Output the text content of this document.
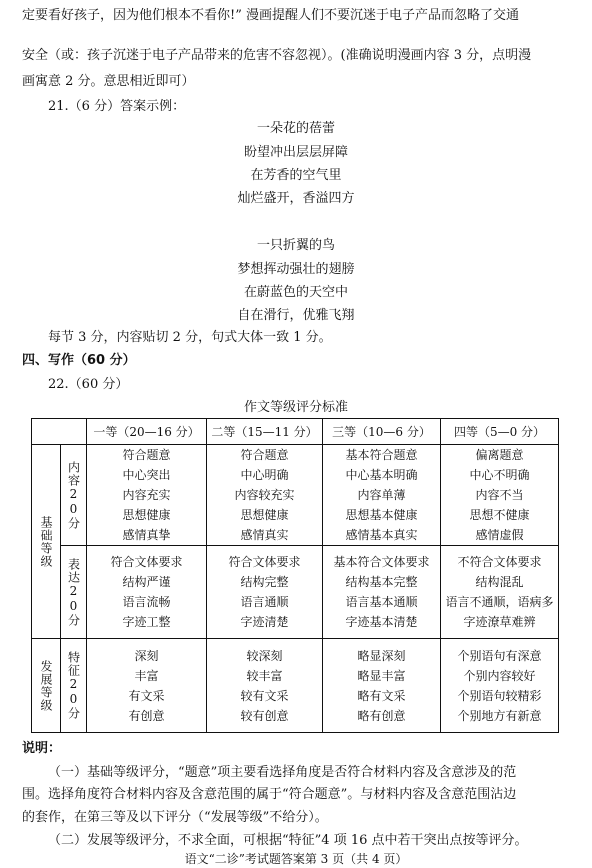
定要看好孩子，因为他们根本不看你!” 漫画提醒人们不要沉迷于电子产品而忽略了交通
安全（或：孩子沉迷于电子产品带来的危害不容忽视）。(准确说明漫画内容 3 分，点明漫
画寓意 2 分。意思相近即可）
21.（6 分）答案示例：
一朵花的蓓蕾
盼望冲出层层屏障
在芳香的空气里
灿烂盛开，香溢四方
一只折翼的鸟
梦想挥动强壮的翅膀
在蔚蓝色的天空中
自在滑行，优雅飞翔
每节 3 分，内容贴切 2 分，句式大体一致 1 分。
四、写作（60 分）
22.（60 分）
作文等级评分标准
		一等（20—16 分）	二等（15—11 分）	三等（10—6 分）	四等（5—0 分）
基础等级	内容20分	符合题意
中心突出
内容充实
思想健康
感情真挚	符合题意
中心明确
内容较充实
思想健康
感情真实	基本符合题意
中心基本明确
内容单薄
思想基本健康
感情基本真实	偏离题意
中心不明确
内容不当
思想不健康
感情虚假

	表达20分	符合文体要求
结构严谨
语言流畅
字迹工整	符合文体要求
结构完整
语言通顺
字迹清楚	基本符合文体要求
结构基本完整
语言基本通顺
字迹基本清楚	不符合文体要求
结构混乱
语言不通顺，语病多
字迹潦草难辨

发展等级	特征20分	深刻
丰富
有文采
有创意	较深刻
较丰富
较有文采
较有创意	略显深刻
略显丰富
略有文采
略有创意	个别语句有深意
个别内容较好
个别语句较精彩
个别地方有新意
说明：
（一）基础等级评分，“题意”项主要看选择角度是否符合材料内容及含意涉及的范
围。选择角度符合材料内容及含意范围的属于“符合题意”。与材料内容及含意范围沾边
的套作，在第三等及以下评分（“发展等级”不给分）。
（二）发展等级评分，不求全面，可根据“特征”4 项 16 点中若干突出点按等评分。
语文“二诊”考试题答案第 3 页（共 4 页）
